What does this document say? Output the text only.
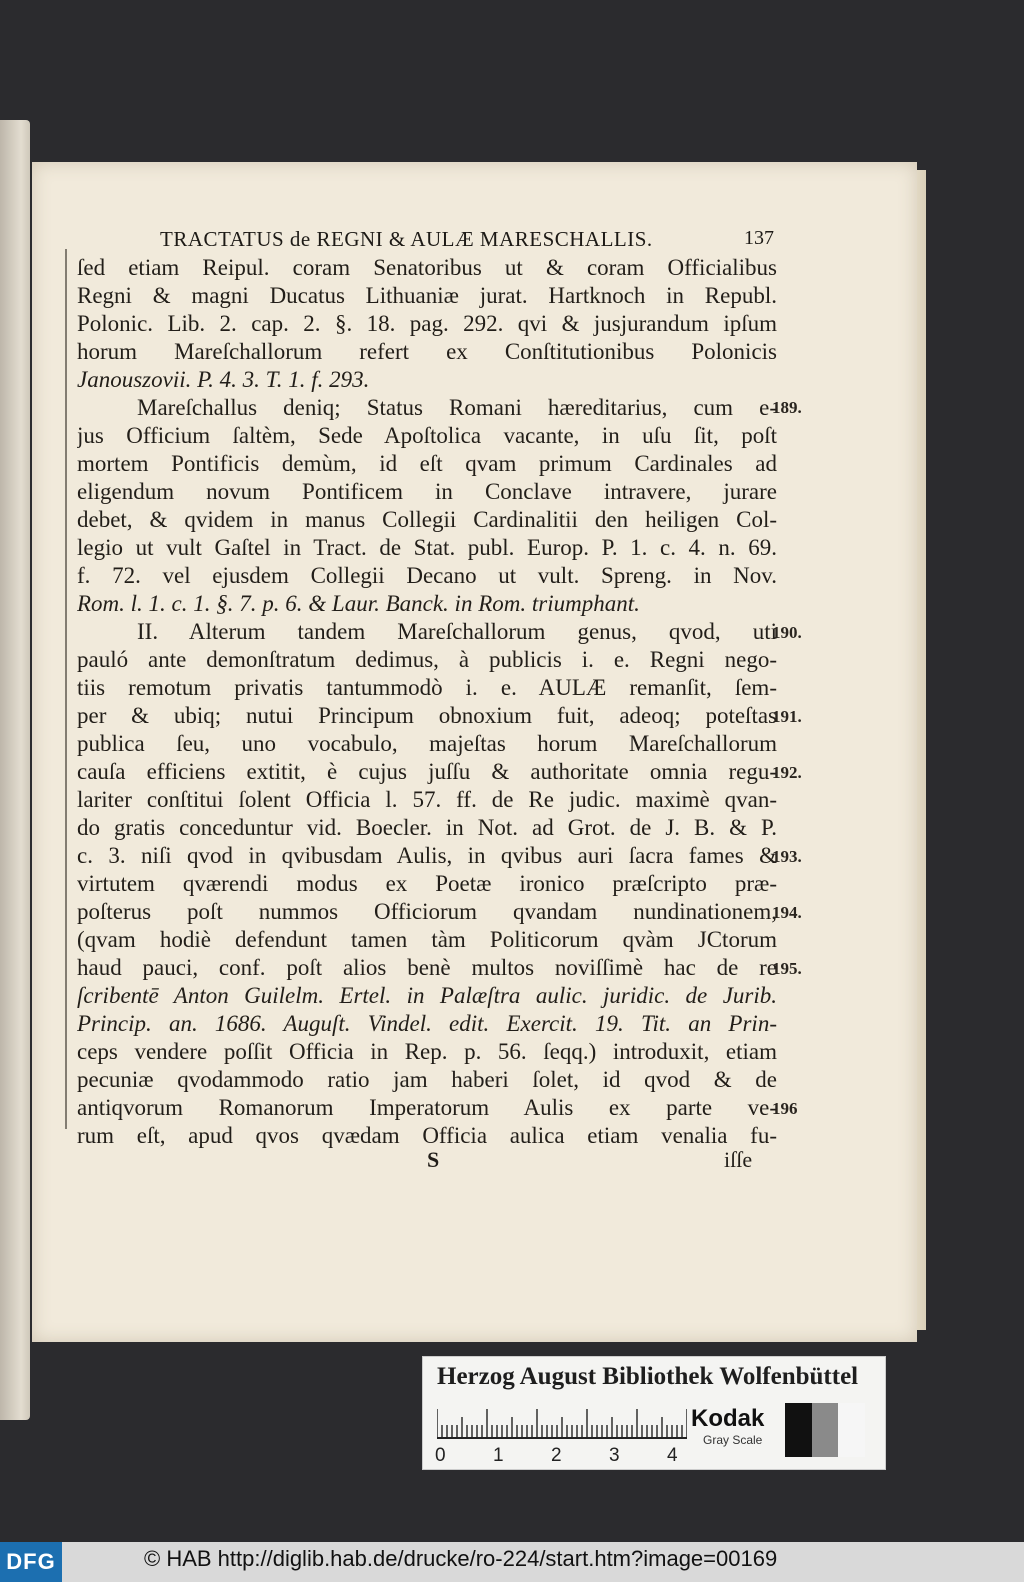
TRACTATUS de REGNI & AULÆ MARESCHALLIS.	137
ſed etiam Reipul. coram Senatoribus ut & coram Officialibus
Regni & magni Ducatus Lithuaniæ jurat. Hartknoch in Republ.
Polonic. Lib. 2. cap. 2. §. 18. pag. 292. qvi & jusjurandum ipſum
horum Mareſchallorum refert ex Conſtitutionibus Polonicis
Janouszovii. P. 4. 3. T. 1. f. 293.
Mareſchallus deniq; Status Romani hæreditarius, cum e-
jus Officium ſaltèm, Sede Apoſtolica vacante, in uſu ſit, poſt
mortem Pontificis demùm, id eſt qvam primum Cardinales ad
eligendum novum Pontificem in Conclave intravere, jurare
debet, & qvidem in manus Collegii Cardinalitii den heiligen Col-
legio ut vult Gaſtel in Tract. de Stat. publ. Europ. P. 1. c. 4. n. 69.
f. 72. vel ejusdem Collegii Decano ut vult. Spreng. in Nov.
Rom. l. 1. c. 1. §. 7. p. 6. & Laur. Banck. in Rom. triumphant.
II. Alterum tandem Mareſchallorum genus, qvod, uti
pauló ante demonſtratum dedimus, à publicis i. e. Regni nego-
tiis remotum privatis tantummodò i. e. AULÆ remanſit, ſem-
per & ubiq; nutui Principum obnoxium fuit, adeoq; poteſtas
publica ſeu, uno vocabulo, majeſtas horum Mareſchallorum
cauſa efficiens extitit, è cujus juſſu & authoritate omnia regu-
lariter conſtitui ſolent Officia l. 57. ff. de Re judic. maximè qvan-
do gratis conceduntur vid. Boecler. in Not. ad Grot. de J. B. & P.
c. 3. niſi qvod in qvibusdam Aulis, in qvibus auri ſacra fames &
virtutem qværendi modus ex Poetæ ironico præſcripto præ-
poſterus poſt nummos Officiorum qvandam nundinationem,
(qvam hodiè defendunt tamen tàm Politicorum qvàm JCtorum
haud pauci, conf. poſt alios benè multos noviſſimè hac de re
ſcribentē Anton Guilelm. Ertel. in Palæſtra aulic. juridic. de Jurib.
Princip. an. 1686. Auguſt. Vindel. edit. Exercit. 19. Tit. an Prin-
ceps vendere poſſit Officia in Rep. p. 56. ſeqq.) introduxit, etiam
pecuniæ qvodammodo ratio jam haberi ſolet, id qvod & de
antiqvorum Romanorum Imperatorum Aulis ex parte ve-
rum eſt, apud qvos qvædam Officia aulica etiam venalia fu-
189.
190.
191.
192.
193.
194.
195.
196
S	iſſe
Herzog August Bibliothek Wolfenbüttel
0 1 2 3 4
Kodak
Gray Scale
DFG	© HAB http://diglib.hab.de/drucke/ro-224/start.htm?image=00169
